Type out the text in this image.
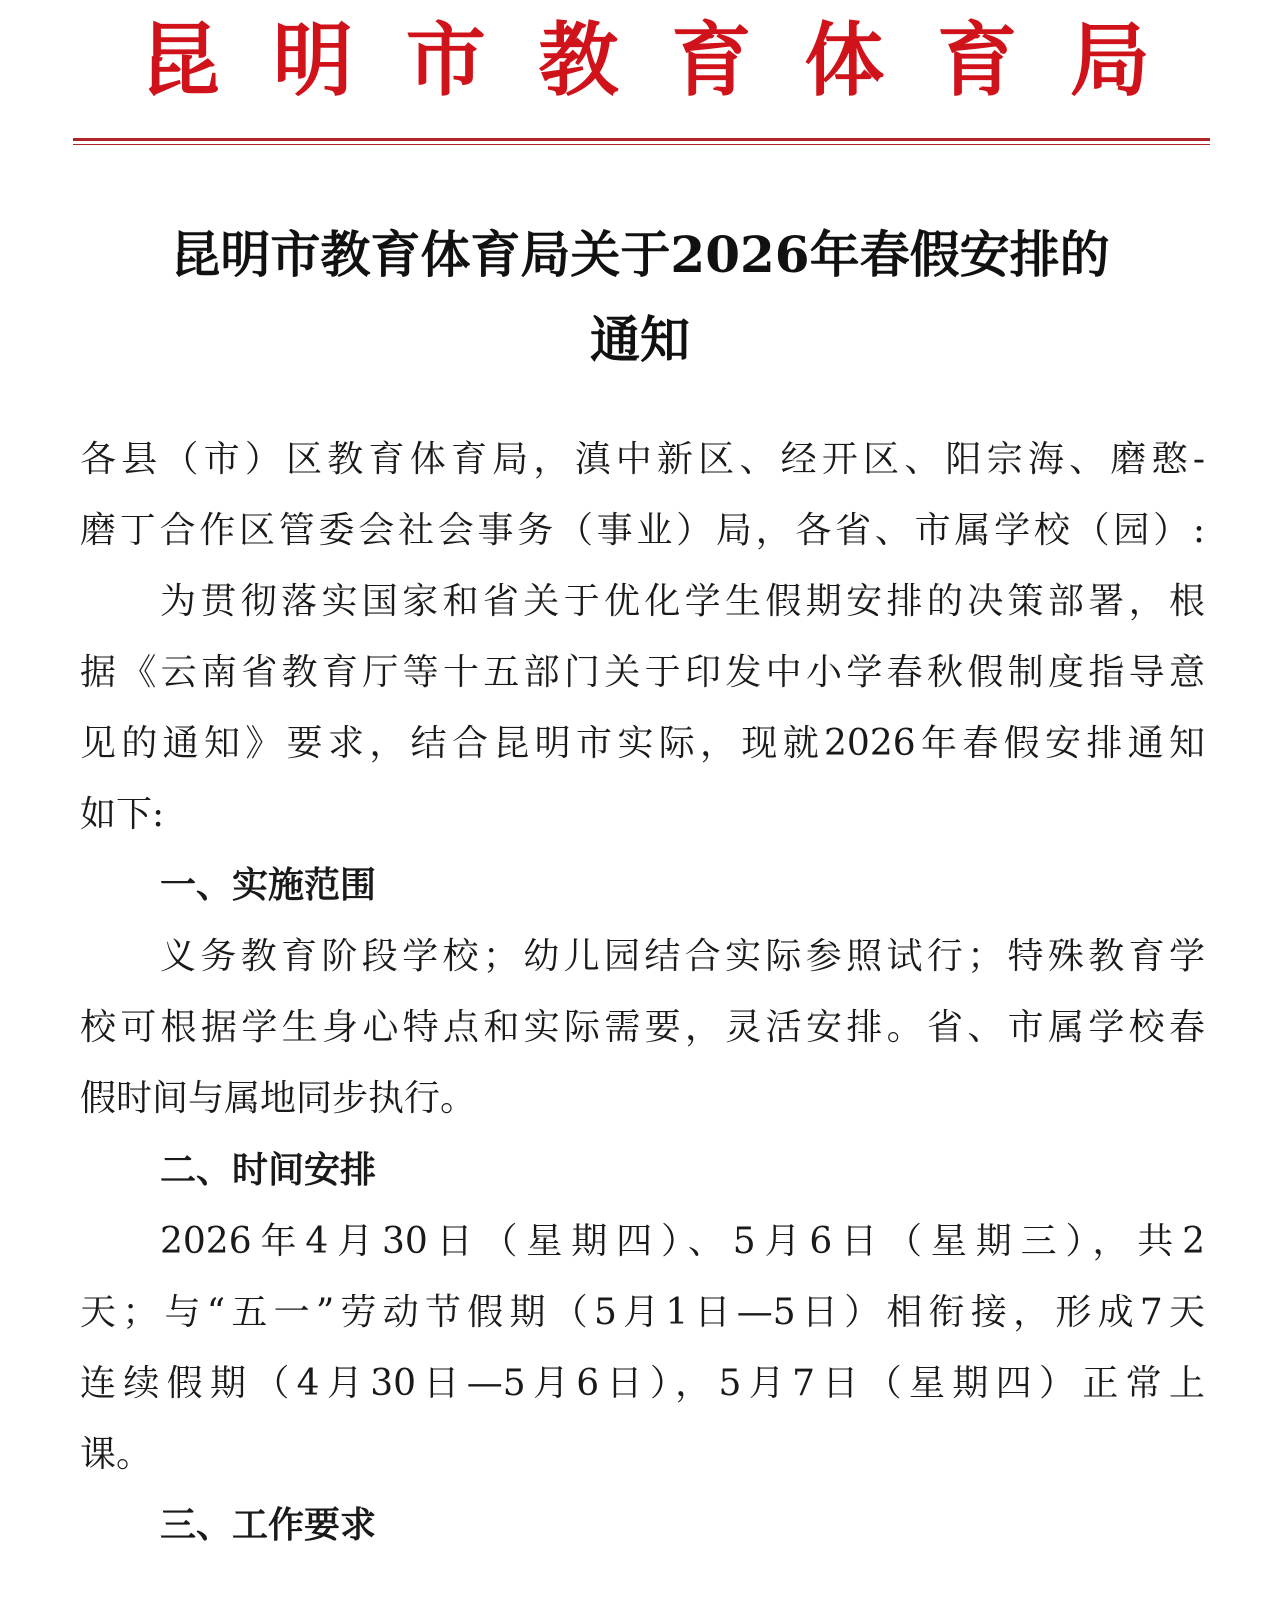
昆 明 市 教 育 体 育 局
昆明市教育体育局关于2026年春假安排的
通知
各县（市）区教育体育局，滇中新区、经开区、阳宗海、磨憨-
磨丁合作区管委会社会事务（事业）局，各省、市属学校（园）:
为贯彻落实国家和省关于优化学生假期安排的决策部署，根
据《云南省教育厅等十五部门关于印发中小学春秋假制度指导意
见的通知》要求，结合昆明市实际，现就2026年春假安排通知
如下:
一、实施范围
义务教育阶段学校；幼儿园结合实际参照试行；特殊教育学
校可根据学生身心特点和实际需要，灵活安排。省、市属学校春
假时间与属地同步执行。
二、时间安排
2026年4月30日（星期四）、5月6日（星期三），共2
天；与“五一”劳动节假期（5月1日—5日）相衔接，形成7天
连续假期（4月30日—5月6日），5月7日（星期四）正常上
课。
三、工作要求
